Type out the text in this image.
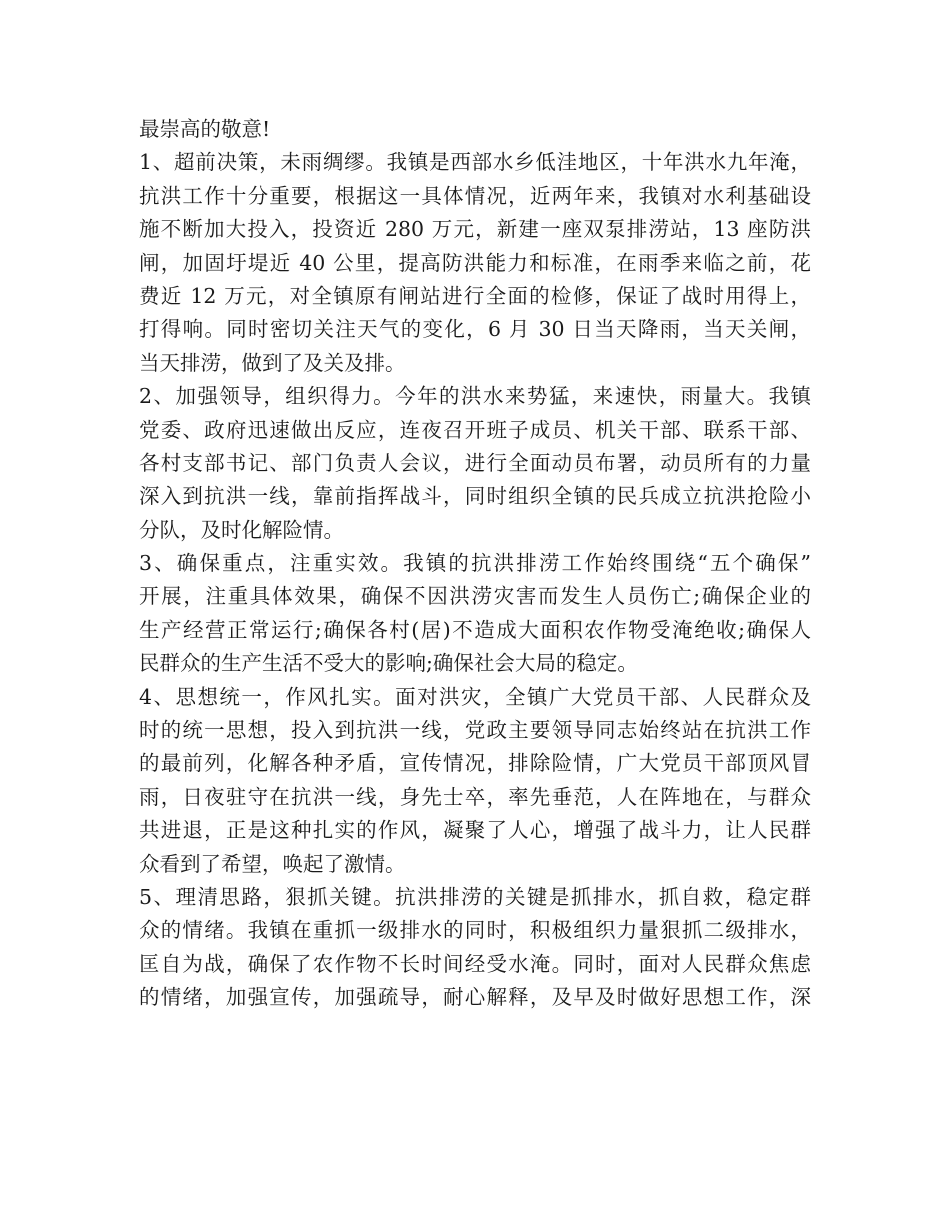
最崇高的敬意!
1、超前决策，未雨绸缪。我镇是西部水乡低洼地区，十年洪水九年淹，
抗洪工作十分重要，根据这一具体情况，近两年来，我镇对水利基础设
施不断加大投入，投资近 280 万元，新建一座双泵排涝站，13 座防洪
闸，加固圩堤近 40 公里，提高防洪能力和标准，在雨季来临之前，花
费近 12 万元，对全镇原有闸站进行全面的检修，保证了战时用得上，
打得响。同时密切关注天气的变化，6 月 30 日当天降雨，当天关闸，
当天排涝，做到了及关及排。
2、加强领导，组织得力。今年的洪水来势猛，来速快，雨量大。我镇
党委、政府迅速做出反应，连夜召开班子成员、机关干部、联系干部、
各村支部书记、部门负责人会议，进行全面动员布署，动员所有的力量
深入到抗洪一线，靠前指挥战斗，同时组织全镇的民兵成立抗洪抢险小
分队，及时化解险情。
3、确保重点，注重实效。我镇的抗洪排涝工作始终围绕“五个确保”
开展，注重具体效果，确保不因洪涝灾害而发生人员伤亡;确保企业的
生产经营正常运行;确保各村(居)不造成大面积农作物受淹绝收;确保人
民群众的生产生活不受大的影响;确保社会大局的稳定。
4、思想统一，作风扎实。面对洪灾，全镇广大党员干部、人民群众及
时的统一思想，投入到抗洪一线，党政主要领导同志始终站在抗洪工作
的最前列，化解各种矛盾，宣传情况，排除险情，广大党员干部顶风冒
雨，日夜驻守在抗洪一线，身先士卒，率先垂范，人在阵地在，与群众
共进退，正是这种扎实的作风，凝聚了人心，增强了战斗力，让人民群
众看到了希望，唤起了激情。
5、理清思路，狠抓关键。抗洪排涝的关键是抓排水，抓自救，稳定群
众的情绪。我镇在重抓一级排水的同时，积极组织力量狠抓二级排水，
匡自为战，确保了农作物不长时间经受水淹。同时，面对人民群众焦虑
的情绪，加强宣传，加强疏导，耐心解释，及早及时做好思想工作，深
